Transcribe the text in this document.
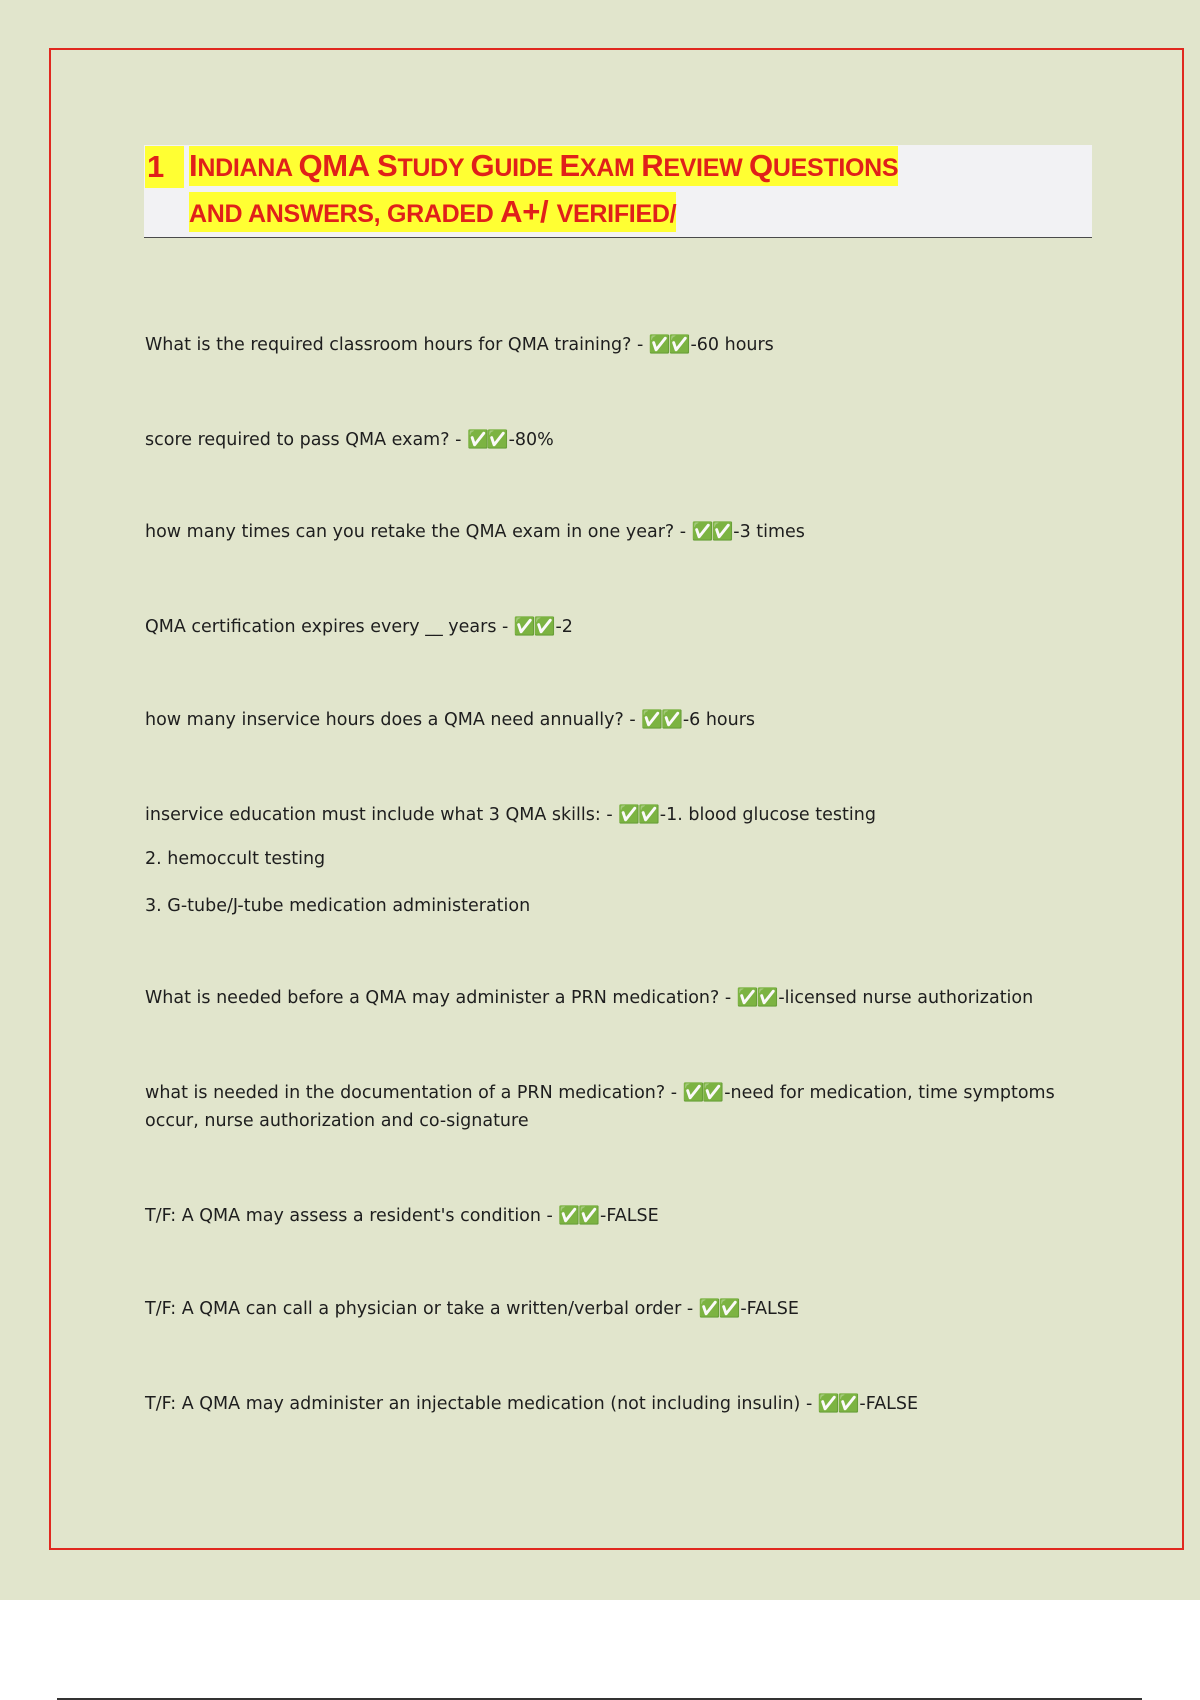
1 INDIANA QMA STUDY GUIDE EXAM REVIEW QUESTIONS
AND ANSWERS, GRADED A+/ VERIFIED/

What is the required classroom hours for QMA training? - ✅✅ -60 hours

score required to pass QMA exam? - ✅✅ -80%

how many times can you retake the QMA exam in one year? - ✅✅ -3 times

QMA certification expires every __ years - ✅✅ -2

how many inservice hours does a QMA need annually? - ✅✅ -6 hours

inservice education must include what 3 QMA skills: - ✅✅ -1. blood glucose testing

2. hemoccult testing

3. G-tube/J-tube medication administeration

What is needed before a QMA may administer a PRN medication? - ✅✅ -licensed nurse authorization

what is needed in the documentation of a PRN medication? - ✅✅ -need for medication, time symptoms occur, nurse authorization and co-signature

T/F: A QMA may assess a resident's condition - ✅✅ -FALSE

T/F: A QMA can call a physician or take a written/verbal order - ✅✅ -FALSE

T/F: A QMA may administer an injectable medication (not including insulin) - ✅✅ -FALSE
